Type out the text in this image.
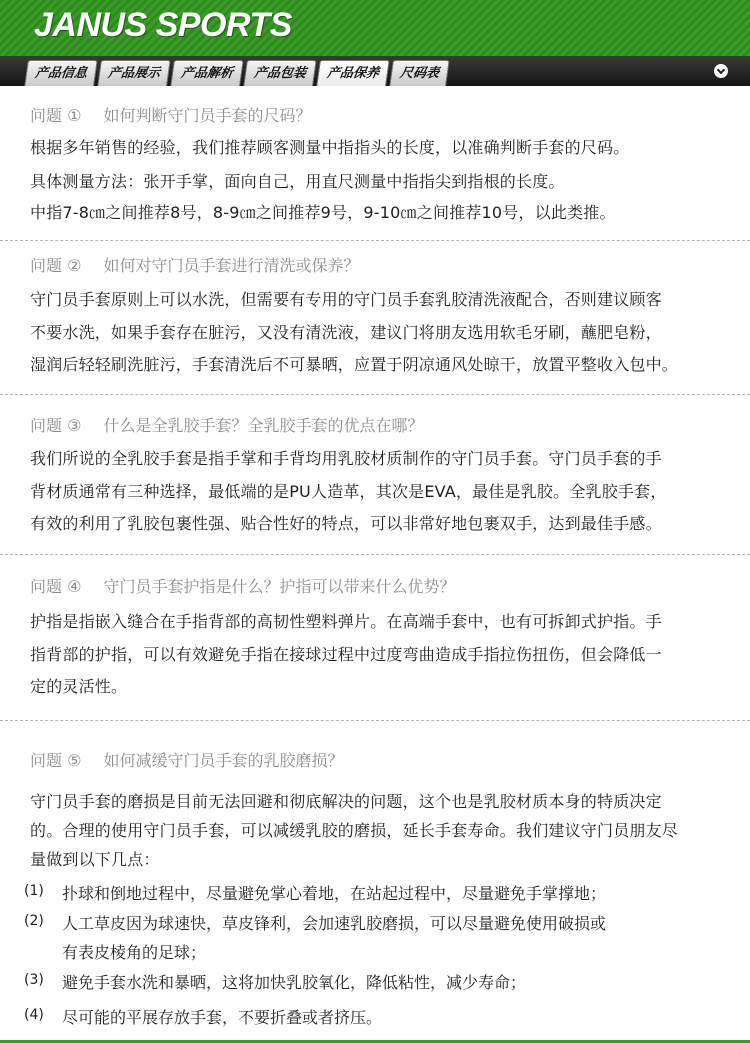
JANUS SPORTS
产品信息	产品展示	产品解析	产品包装	产品保养	尺码表
问题 ① 如何判断守门员手套的尺码？
根据多年销售的经验，我们推荐顾客测量中指指头的长度，以准确判断手套的尺码。
具体测量方法：张开手掌，面向自己，用直尺测量中指指尖到指根的长度。
中指7-8㎝之间推荐8号，8-9㎝之间推荐9号，9-10㎝之间推荐10号，以此类推。
问题 ② 如何对守门员手套进行清洗或保养？
守门员手套原则上可以水洗，但需要有专用的守门员手套乳胶清洗液配合，否则建议顾客
不要水洗，如果手套存在脏污，又没有清洗液，建议门将朋友选用软毛牙刷，蘸肥皂粉，
湿润后轻轻刷洗脏污，手套清洗后不可暴晒，应置于阴凉通风处晾干，放置平整收入包中。
问题 ③ 什么是全乳胶手套？全乳胶手套的优点在哪？
我们所说的全乳胶手套是指手掌和手背均用乳胶材质制作的守门员手套。守门员手套的手
背材质通常有三种选择，最低端的是PU人造革，其次是EVA，最佳是乳胶。全乳胶手套，
有效的利用了乳胶包裹性强、贴合性好的特点，可以非常好地包裹双手，达到最佳手感。
问题 ④ 守门员手套护指是什么？护指可以带来什么优势？
护指是指嵌入缝合在手指背部的高韧性塑料弹片。在高端手套中，也有可拆卸式护指。手
指背部的护指，可以有效避免手指在接球过程中过度弯曲造成手指拉伤扭伤，但会降低一
定的灵活性。
问题 ⑤ 如何减缓守门员手套的乳胶磨损？
守门员手套的磨损是目前无法回避和彻底解决的问题，这个也是乳胶材质本身的特质决定
的。合理的使用守门员手套，可以减缓乳胶的磨损，延长手套寿命。我们建议守门员朋友尽
量做到以下几点：
(1) 扑球和倒地过程中，尽量避免掌心着地，在站起过程中，尽量避免手掌撑地；
(2) 人工草皮因为球速快，草皮锋利，会加速乳胶磨损，可以尽量避免使用破损或
有表皮棱角的足球；
(3) 避免手套水洗和暴晒，这将加快乳胶氧化，降低粘性，减少寿命；
(4) 尽可能的平展存放手套，不要折叠或者挤压。
